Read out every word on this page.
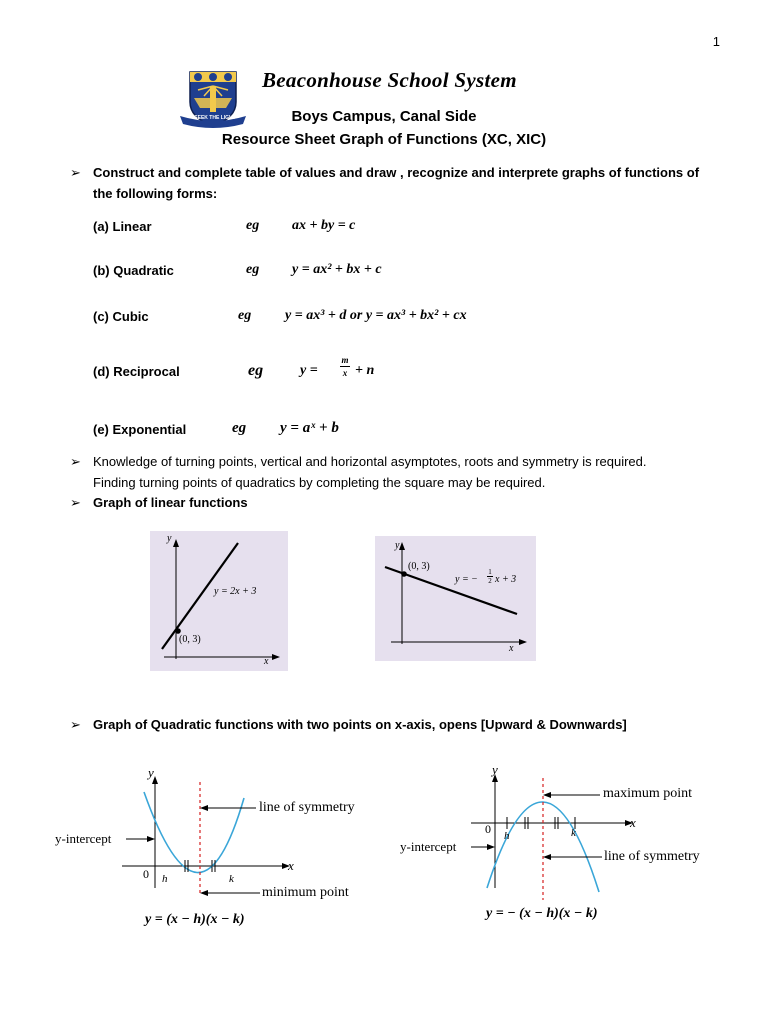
1
SEEK THE LIGHT
Beaconhouse School System
Boys Campus, Canal Side
Resource Sheet Graph of Functions (XC, XIC)
➢ Construct and complete table of values and draw , recognize and interprete graphs of functions of
the following forms:
(a) Linear	eg ax + by = c
(b) Quadratic	eg y = ax² + bx + c
(c) Cubic	eg y = ax³ + d or y = ax³ + bx² + cx
(d) Reciprocal	eg	y =
m
x + n
(e) Exponential	eg y = aˣ + b
➢ Knowledge of turning points, vertical and horizontal asymptotes, roots and symmetry is required.
Finding turning points of quadratics by completing the square may be required.
➢ Graph of linear functions
y
x
y = 2x + 3
(0, 3)
y
x
(0, 3)
y = −
1
2 x + 3
➢ Graph of Quadratic functions with two points on x-axis, opens [Upward & Downwards]
y
x
0 h	k
line of symmetry
y-intercept
minimum point
y = (x − h)(x − k)
y
x
0 h	k
maximum point
y-intercept
line of symmetry
y = − (x − h)(x − k)
